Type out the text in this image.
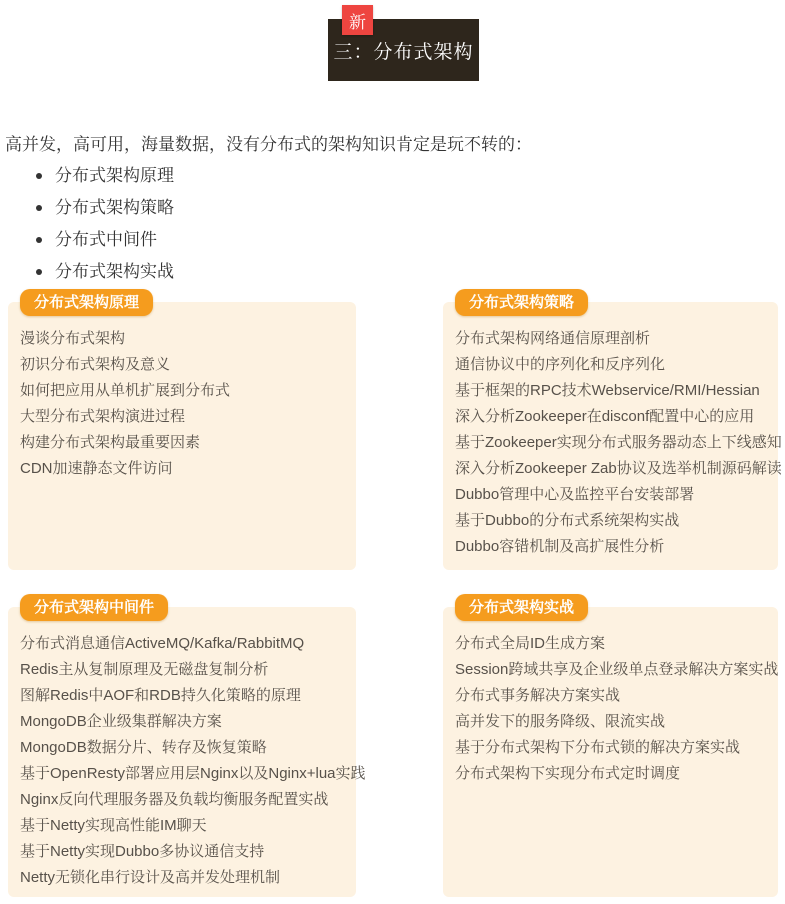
新
三：分布式架构
高并发，高可用，海量数据，没有分布式的架构知识肯定是玩不转的：
分布式架构原理
分布式架构策略
分布式中间件
分布式架构实战
分布式架构原理
漫谈分布式架构
初识分布式架构及意义
如何把应用从单机扩展到分布式
大型分布式架构演进过程
构建分布式架构最重要因素
CDN加速静态文件访问
分布式架构策略
分布式架构网络通信原理剖析
通信协议中的序列化和反序列化
基于框架的RPC技术Webservice/RMI/Hessian
深入分析Zookeeper在disconf配置中心的应用
基于Zookeeper实现分布式服务器动态上下线感知
深入分析Zookeeper Zab协议及选举机制源码解读
Dubbo管理中心及监控平台安装部署
基于Dubbo的分布式系统架构实战
Dubbo容错机制及高扩展性分析
分布式架构中间件
分布式消息通信ActiveMQ/Kafka/RabbitMQ
Redis主从复制原理及无磁盘复制分析
图解Redis中AOF和RDB持久化策略的原理
MongoDB企业级集群解决方案
MongoDB数据分片、转存及恢复策略
基于OpenResty部署应用层Nginx以及Nginx+lua实践
Nginx反向代理服务器及负载均衡服务配置实战
基于Netty实现高性能IM聊天
基于Netty实现Dubbo多协议通信支持
Netty无锁化串行设计及高并发处理机制
分布式架构实战
分布式全局ID生成方案
Session跨域共享及企业级单点登录解决方案实战
分布式事务解决方案实战
高并发下的服务降级、限流实战
基于分布式架构下分布式锁的解决方案实战
分布式架构下实现分布式定时调度
